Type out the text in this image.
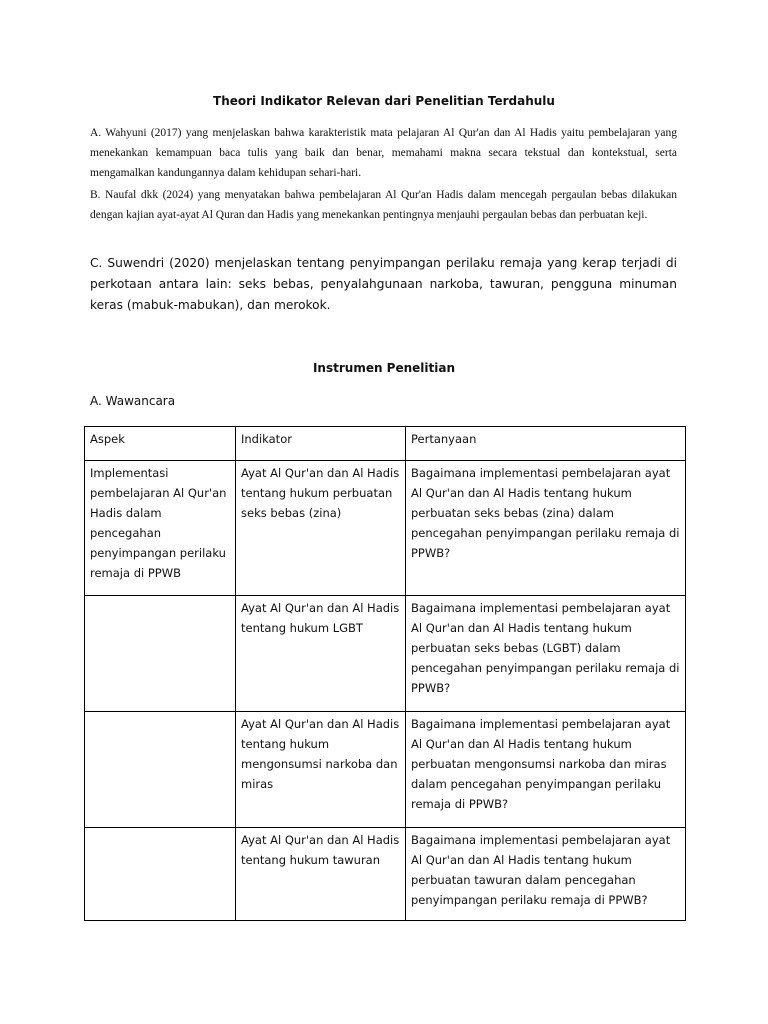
Theori Indikator Relevan dari Penelitian Terdahulu
A. Wahyuni (2017) yang menjelaskan bahwa karakteristik mata pelajaran Al Qur'an dan Al Hadis yaitu pembelajaran yang menekankan kemampuan baca tulis yang baik dan benar, memahami makna secara tekstual dan kontekstual, serta mengamalkan kandungannya dalam kehidupan sehari-hari.
B. Naufal dkk (2024) yang menyatakan bahwa pembelajaran Al Qur'an Hadis dalam mencegah pergaulan bebas dilakukan dengan kajian ayat-ayat Al Quran dan Hadis yang menekankan pentingnya menjauhi pergaulan bebas dan perbuatan keji.
C. Suwendri (2020) menjelaskan tentang penyimpangan perilaku remaja yang kerap terjadi di perkotaan antara lain: seks bebas, penyalahgunaan narkoba, tawuran, pengguna minuman keras (mabuk-mabukan), dan merokok.
Instrumen Penelitian
A. Wawancara
Aspek	Indikator	Pertanyaan
Implementasi pembelajaran Al Qur'an Hadis dalam pencegahan penyimpangan perilaku remaja di PPWB	Ayat Al Qur'an dan Al Hadis tentang hukum perbuatan seks bebas (zina)	Bagaimana implementasi pembelajaran ayat Al Qur'an dan Al Hadis tentang hukum perbuatan seks bebas (zina) dalam pencegahan penyimpangan perilaku remaja di PPWB?
	Ayat Al Qur'an dan Al Hadis tentang hukum LGBT	Bagaimana implementasi pembelajaran ayat Al Qur'an dan Al Hadis tentang hukum perbuatan seks bebas (LGBT) dalam pencegahan penyimpangan perilaku remaja di PPWB?
	Ayat Al Qur'an dan Al Hadis tentang hukum mengonsumsi narkoba dan miras	Bagaimana implementasi pembelajaran ayat Al Qur'an dan Al Hadis tentang hukum perbuatan mengonsumsi narkoba dan miras dalam pencegahan penyimpangan perilaku remaja di PPWB?
	Ayat Al Qur'an dan Al Hadis tentang hukum tawuran	Bagaimana implementasi pembelajaran ayat Al Qur'an dan Al Hadis tentang hukum perbuatan tawuran dalam pencegahan penyimpangan perilaku remaja di PPWB?
